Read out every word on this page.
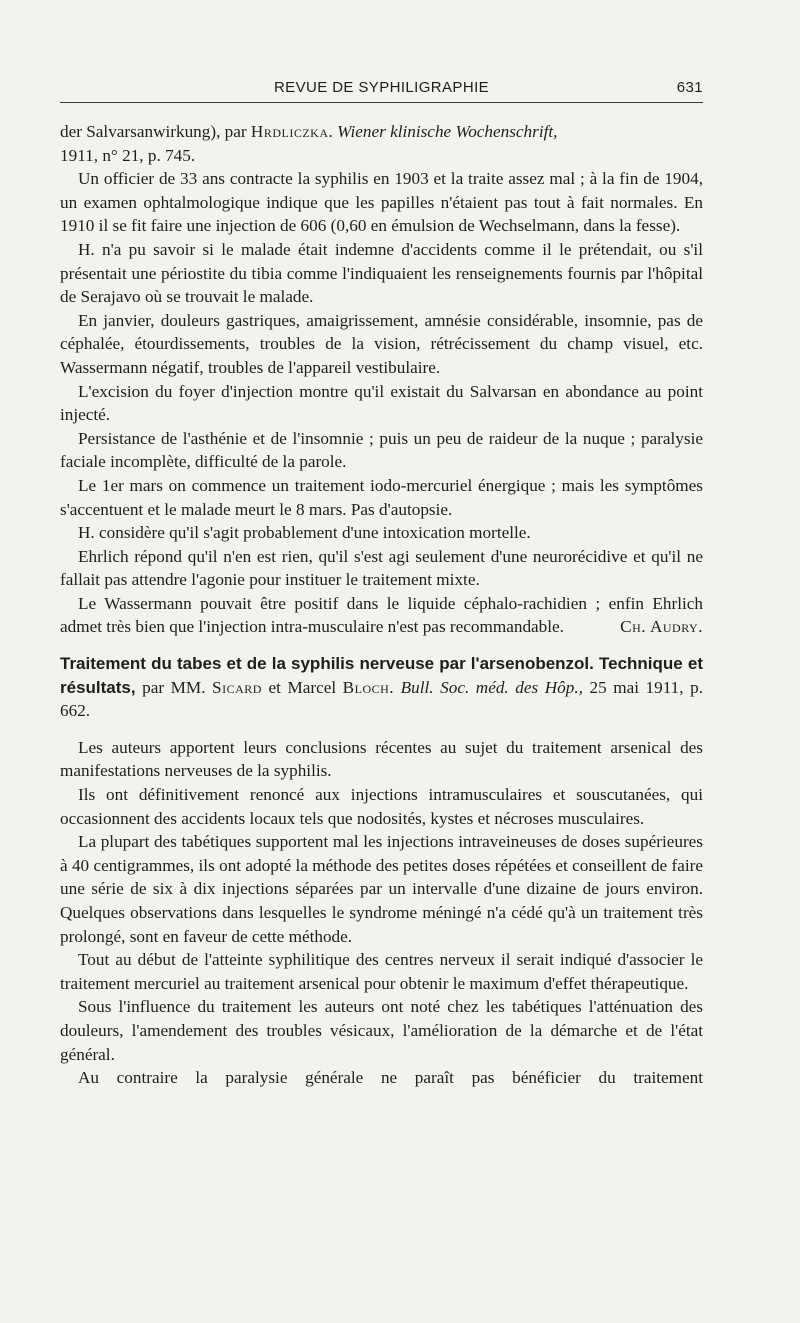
REVUE DE SYPHILIGRAPHIE	631

der Salvarsanwirkung), par Hrdliczka. Wiener klinische Wochenschrift,
1911, n° 21, p. 745.

Un officier de 33 ans contracte la syphilis en 1903 et la traite assez mal ; à la fin de 1904, un examen ophtalmologique indique que les papilles n'étaient pas tout à fait normales. En 1910 il se fit faire une injection de 606 (0,60 en émulsion de Wechselmann, dans la fesse).

H. n'a pu savoir si le malade était indemne d'accidents comme il le prétendait, ou s'il présentait une périostite du tibia comme l'indiquaient les renseignements fournis par l'hôpital de Serajavo où se trouvait le malade.

En janvier, douleurs gastriques, amaigrissement, amnésie considérable, insomnie, pas de céphalée, étourdissements, troubles de la vision, rétrécissement du champ visuel, etc. Wassermann négatif, troubles de l'appareil vestibulaire.

L'excision du foyer d'injection montre qu'il existait du Salvarsan en abondance au point injecté.

Persistance de l'asthénie et de l'insomnie ; puis un peu de raideur de la nuque ; paralysie faciale incomplète, difficulté de la parole.

Le 1er mars on commence un traitement iodo-mercuriel énergique ; mais les symptômes s'accentuent et le malade meurt le 8 mars. Pas d'autopsie.

H. considère qu'il s'agit probablement d'une intoxication mortelle.

Ehrlich répond qu'il n'en est rien, qu'il s'est agi seulement d'une neurorécidive et qu'il ne fallait pas attendre l'agonie pour instituer le traitement mixte.

Le Wassermann pouvait être positif dans le liquide céphalo-rachidien ; enfin Ehrlich admet très bien que l'injection intra-musculaire n'est pas recommandable.	Ch. Audry.

Traitement du tabes et de la syphilis nerveuse par l'arsenobenzol. Technique et résultats, par MM. Sicard et Marcel Bloch. Bull. Soc. méd. des Hôp., 25 mai 1911, p. 662.

Les auteurs apportent leurs conclusions récentes au sujet du traitement arsenical des manifestations nerveuses de la syphilis.

Ils ont définitivement renoncé aux injections intramusculaires et souscutanées, qui occasionnent des accidents locaux tels que nodosités, kystes et nécroses musculaires.

La plupart des tabétiques supportent mal les injections intraveineuses de doses supérieures à 40 centigrammes, ils ont adopté la méthode des petites doses répétées et conseillent de faire une série de six à dix injections séparées par un intervalle d'une dizaine de jours environ. Quelques observations dans lesquelles le syndrome méningé n'a cédé qu'à un traitement très prolongé, sont en faveur de cette méthode.

Tout au début de l'atteinte syphilitique des centres nerveux il serait indiqué d'associer le traitement mercuriel au traitement arsenical pour obtenir le maximum d'effet thérapeutique.

Sous l'influence du traitement les auteurs ont noté chez les tabétiques l'atténuation des douleurs, l'amendement des troubles vésicaux, l'amélioration de la démarche et de l'état général.

Au contraire la paralysie générale ne paraît pas bénéficier du traitement
